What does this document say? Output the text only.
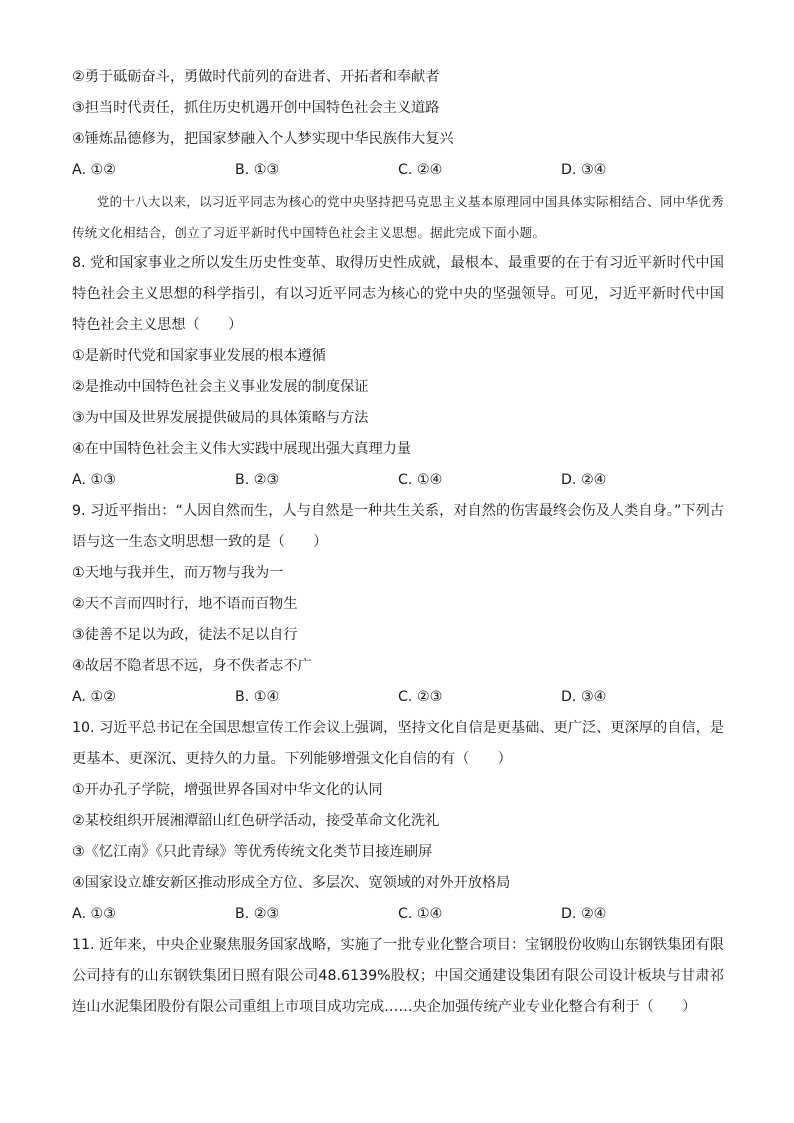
②勇于砥砺奋斗，勇做时代前列的奋进者、开拓者和奉献者
③担当时代责任，抓住历史机遇开创中国特色社会主义道路
④锤炼品德修为，把国家梦融入个人梦实现中华民族伟大复兴
A. ①②	B. ①③	C. ②④	D. ③④

党的十八大以来，以习近平同志为核心的党中央坚持把马克思主义基本原理同中国具体实际相结合、同中华优秀传统文化相结合，创立了习近平新时代中国特色社会主义思想。据此完成下面小题。

8. 党和国家事业之所以发生历史性变革、取得历史性成就，最根本、最重要的在于有习近平新时代中国特色社会主义思想的科学指引，有以习近平同志为核心的党中央的坚强领导。可见，习近平新时代中国特色社会主义思想（　　）

①是新时代党和国家事业发展的根本遵循
②是推动中国特色社会主义事业发展的制度保证
③为中国及世界发展提供破局的具体策略与方法
④在中国特色社会主义伟大实践中展现出强大真理力量
A. ①③	B. ②③	C. ①④	D. ②④

9. 习近平指出：“人因自然而生，人与自然是一种共生关系，对自然的伤害最终会伤及人类自身。”下列古语与这一生态文明思想一致的是（　　）

①天地与我并生，而万物与我为一
②天不言而四时行，地不语而百物生
③徒善不足以为政，徒法不足以自行
④故居不隐者思不远，身不佚者志不广
A. ①②	B. ①④	C. ②③	D. ③④

10. 习近平总书记在全国思想宣传工作会议上强调，坚持文化自信是更基础、更广泛、更深厚的自信，是更基本、更深沉、更持久的力量。下列能够增强文化自信的有（　　）

①开办孔子学院，增强世界各国对中华文化的认同
②某校组织开展湘潭韶山红色研学活动，接受革命文化洗礼
③《忆江南》《只此青绿》等优秀传统文化类节目接连刷屏
④国家设立雄安新区推动形成全方位、多层次、宽领域的对外开放格局
A. ①③	B. ②③	C. ①④	D. ②④

11. 近年来，中央企业聚焦服务国家战略，实施了一批专业化整合项目：宝钢股份收购山东钢铁集团有限公司持有的山东钢铁集团日照有限公司48.6139%股权；中国交通建设集团有限公司设计板块与甘肃祁连山水泥集团股份有限公司重组上市项目成功完成……央企加强传统产业专业化整合有利于（　　）
